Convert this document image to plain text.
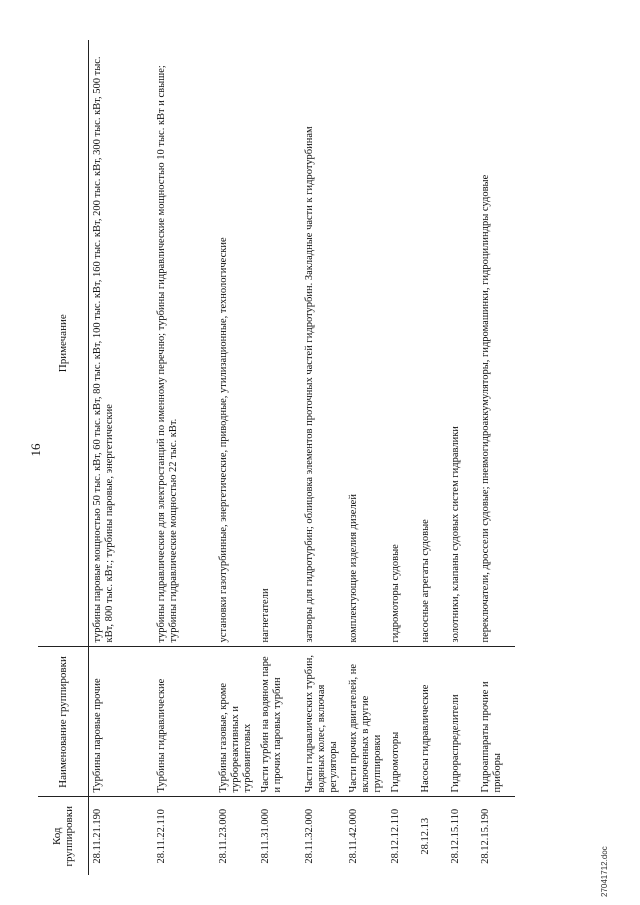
16
Код группировки	Наименование группировки	Примечание
28.11.21.190	Турбины паровые прочие	турбины паровые мощностью 50 тыс. кВт, 60 тыс. кВт, 80 тыс. кВт, 100 тыс. кВт, 160 тыс. кВт, 200 тыс. кВт, 300 тыс. кВт, 500 тыс. кВт, 800 тыс. кВт.; турбины паровые, энергетические
28.11.22.110	Турбины гидравлические	турбины гидравлические для электростанций по именному перечню; турбины гидравлические мощностью 10 тыс. кВт и свыше; турбины гидравлические мощностью 22 тыс. кВт.
28.11.23.000	Турбины газовые, кроме турбореактивных и турбовинтовых	установки газотурбинные, энергетические, приводные, утилизационные, технологические
28.11.31.000	Части турбин на водяном паре и прочих паровых турбин	нагнетатели
28.11.32.000	Части гидравлических турбин, водяных колес, включая регуляторы	затворы для гидротурбин; облицовка элементов проточных частей гидротурбин. Закладные части к гидротурбинам
28.11.42.000	Части прочих двигателей, не включенных в другие группировки	комплектующие изделия дизелей
28.12.12.110	Гидромоторы	гидромоторы судовые
28.12.13	Насосы гидравлические	насосные агрегаты судовые
28.12.15.110	Гидрораспределители	золотники, клапаны судовых систем гидравлики
28.12.15.190	Гидроаппараты прочие и приборы	переключатели, дроссели судовые; пневмогидроаккумуляторы, гидромашинки, гидроцилиндры судовые
27041712.doc
